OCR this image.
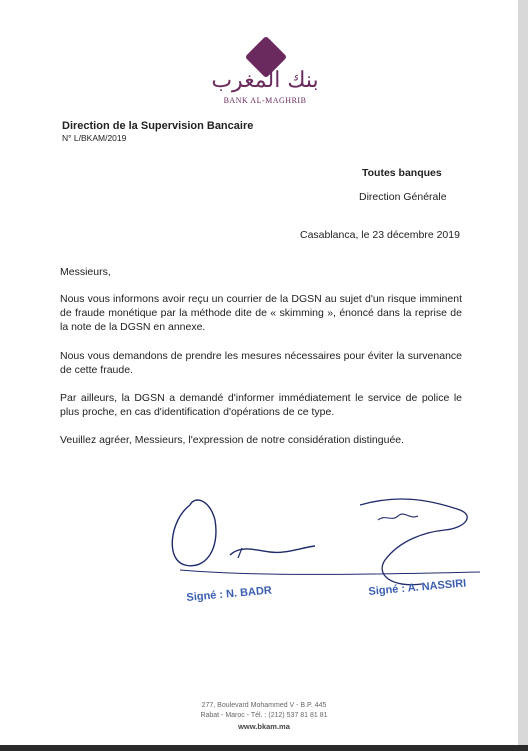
بنك المغرب
BANK AL-MAGHRIB
Direction de la Supervision Bancaire
N° L/BKAM/2019
Toutes banques
Direction Générale
Casablanca, le 23 décembre 2019
Messieurs,
Nous vous informons avoir reçu un courrier de la DGSN au sujet d'un risque imminent de fraude monétique par la méthode dite de « skimming », énoncé dans la reprise de la note de la DGSN en annexe.
Nous vous demandons de prendre les mesures nécessaires pour éviter la survenance de cette fraude.
Par ailleurs, la DGSN a demandé d'informer immédiatement le service de police le plus proche, en cas d'identification d'opérations de ce type.
Veuillez agréer, Messieurs, l'expression de notre considération distinguée.
Signé : N. BADR	Signé : A. NASSIRI
277, Boulevard Mohammed V - B.P. 445
Rabat - Maroc - Tél. : (212) 537 81 81 81
www.bkam.ma
